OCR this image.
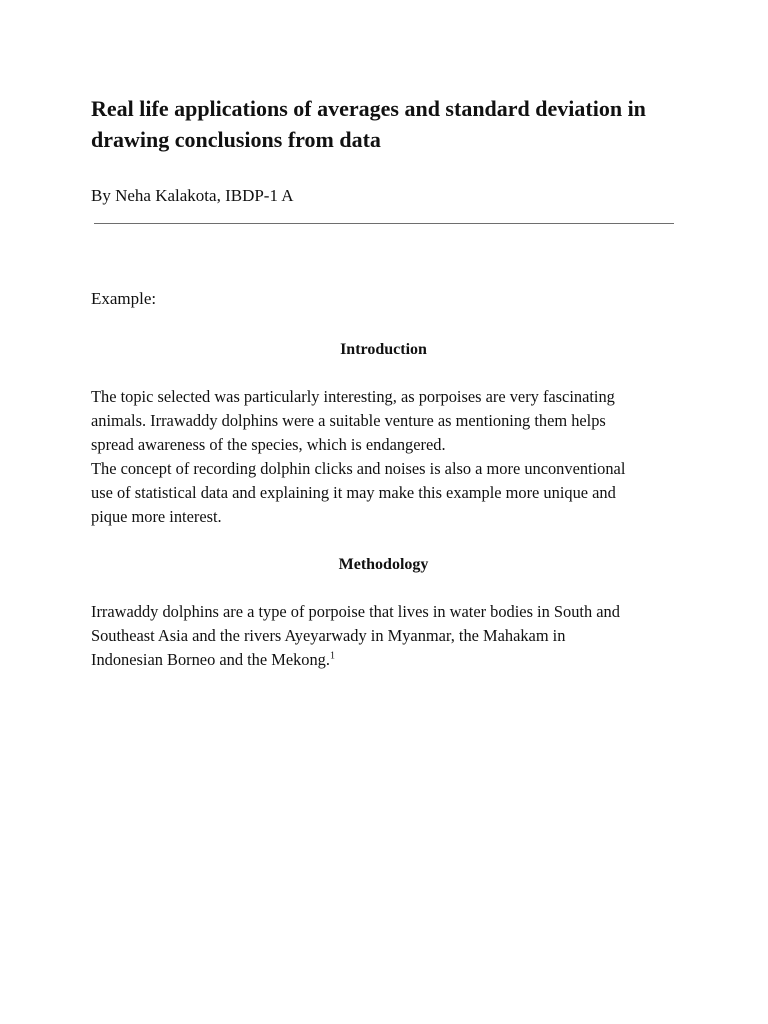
Real life applications of averages and standard deviation in drawing conclusions from data

By Neha Kalakota, IBDP-1 A

Example:

Introduction

The topic selected was particularly interesting, as porpoises are very fascinating
animals. Irrawaddy dolphins were a suitable venture as mentioning them helps
spread awareness of the species, which is endangered.
The concept of recording dolphin clicks and noises is also a more unconventional
use of statistical data and explaining it may make this example more unique and
pique more interest.

Methodology

Irrawaddy dolphins are a type of porpoise that lives in water bodies in South and
Southeast Asia and the rivers Ayeyarwady in Myanmar, the Mahakam in
Indonesian Borneo and the Mekong.$^1$
